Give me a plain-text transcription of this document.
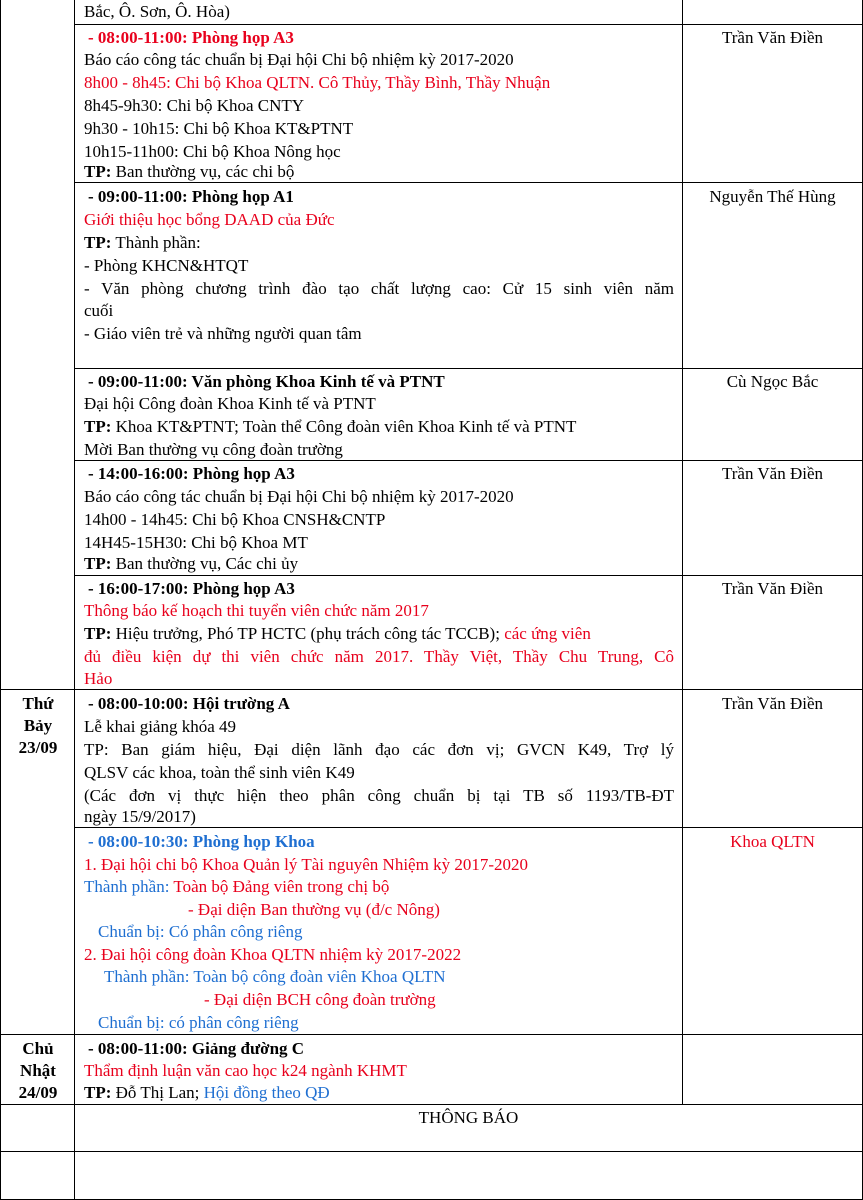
Bắc, Ô. Sơn, Ô. Hòa)
- 08:00-11:00: Phòng họp A3
Báo cáo công tác chuẩn bị Đại hội Chi bộ nhiệm kỳ 2017-2020
8h00 - 8h45: Chi bộ Khoa QLTN. Cô Thủy, Thầy Bình, Thầy Nhuận
8h45-9h30: Chi bộ Khoa CNTY
9h30 - 10h15: Chi bộ Khoa KT&PTNT
10h15-11h00: Chi bộ Khoa Nông học
TP: Ban thường vụ, các chi bộ
Trần Văn Điền
- 09:00-11:00: Phòng họp A1
Giới thiệu học bổng DAAD của Đức
TP: Thành phần:
- Phòng KHCN&HTQT
- Văn phòng chương trình đào tạo chất lượng cao: Cử 15 sinh viên năm
cuối
- Giáo viên trẻ và những người quan tâm
Nguyễn Thế Hùng
- 09:00-11:00: Văn phòng Khoa Kinh tế và PTNT
Đại hội Công đoàn Khoa Kinh tế và PTNT
TP: Khoa KT&PTNT; Toàn thể Công đoàn viên Khoa Kinh tế và PTNT
Mời Ban thường vụ công đoàn trường
Cù Ngọc Bắc
- 14:00-16:00: Phòng họp A3
Báo cáo công tác chuẩn bị Đại hội Chi bộ nhiệm kỳ 2017-2020
14h00 - 14h45: Chi bộ Khoa CNSH&CNTP
14H45-15H30: Chi bộ Khoa MT
TP: Ban thường vụ, Các chi ủy
Trần Văn Điền
- 16:00-17:00: Phòng họp A3
Thông báo kế hoạch thi tuyển viên chức năm 2017
TP: Hiệu trưởng, Phó TP HCTC (phụ trách công tác TCCB); các ứng viên
đủ điều kiện dự thi viên chức năm 2017. Thầy Việt, Thầy Chu Trung, Cô
Hảo
Trần Văn Điền
Thứ
Bảy
23/09
- 08:00-10:00: Hội trường A
Lễ khai giảng khóa 49
TP: Ban giám hiệu, Đại diện lãnh đạo các đơn vị; GVCN K49, Trợ lý
QLSV các khoa, toàn thể sinh viên K49
(Các đơn vị thực hiện theo phân công chuẩn bị tại TB số 1193/TB-ĐT
ngày 15/9/2017)
Trần Văn Điền
- 08:00-10:30: Phòng họp Khoa
1. Đại hội chi bộ Khoa Quản lý Tài nguyên Nhiệm kỳ 2017-2020
Thành phần: Toàn bộ Đảng viên trong chị bộ
- Đại diện Ban thường vụ (đ/c Nông)
Chuẩn bị: Có phân công riêng
2. Đai hội công đoàn Khoa QLTN nhiệm kỳ 2017-2022
Thành phần: Toàn bộ công đoàn viên Khoa QLTN
- Đại diện BCH công đoàn trường
Chuẩn bị: có phân công riêng
Khoa QLTN
Chủ
Nhật
24/09
- 08:00-11:00: Giảng đường C
Thẩm định luận văn cao học k24 ngành KHMT
TP: Đỗ Thị Lan; Hội đồng theo QĐ
THÔNG BÁO
